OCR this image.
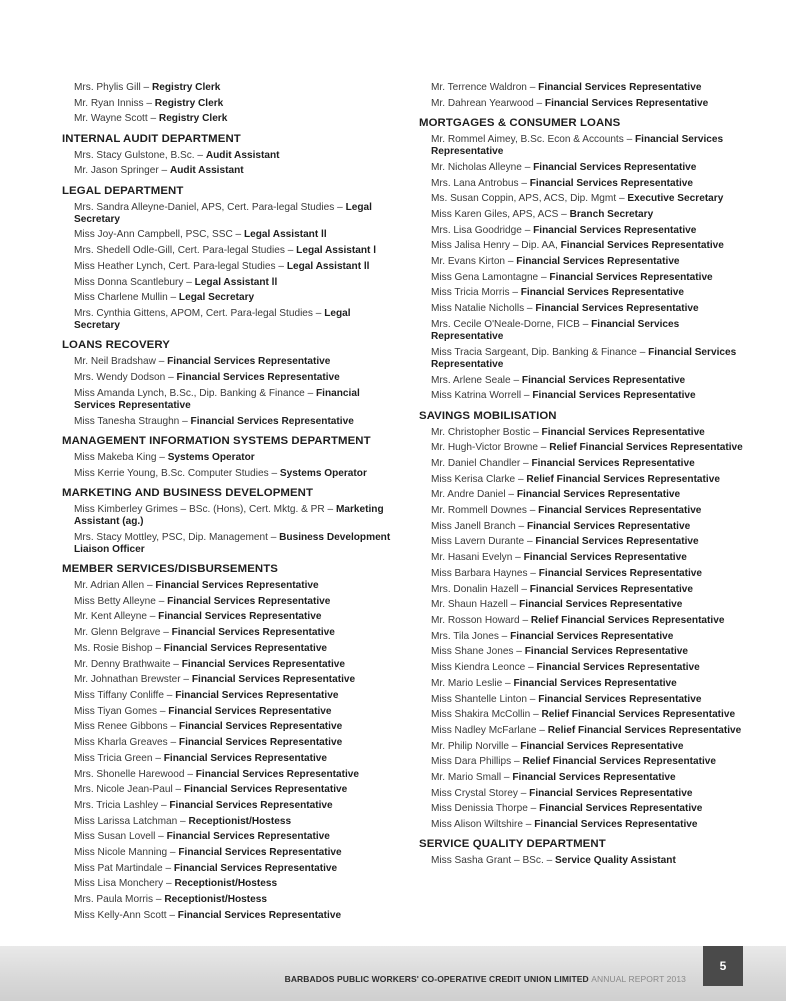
Mrs. Phylis Gill – Registry Clerk
Mr. Ryan Inniss – Registry Clerk
Mr. Wayne Scott – Registry Clerk
INTERNAL AUDIT DEPARTMENT
Mrs. Stacy Gulstone, B.Sc. – Audit Assistant
Mr. Jason Springer – Audit Assistant
LEGAL DEPARTMENT
Mrs. Sandra Alleyne-Daniel, APS, Cert. Para-legal Studies – Legal Secretary
Miss Joy-Ann Campbell, PSC, SSC – Legal Assistant ll
Mrs. Shedell Odle-Gill, Cert. Para-legal Studies – Legal Assistant l
Miss Heather Lynch, Cert. Para-legal Studies – Legal Assistant ll
Miss Donna Scantlebury – Legal Assistant ll
Miss Charlene Mullin – Legal Secretary
Mrs. Cynthia Gittens, APOM, Cert. Para-legal Studies – Legal Secretary
LOANS RECOVERY
Mr. Neil Bradshaw – Financial Services Representative
Mrs. Wendy Dodson – Financial Services Representative
Miss Amanda Lynch, B.Sc., Dip. Banking & Finance – Financial Services Representative
Miss Tanesha Straughn – Financial Services Representative
MANAGEMENT INFORMATION SYSTEMS DEPARTMENT
Miss Makeba King – Systems Operator
Miss Kerrie Young, B.Sc. Computer Studies – Systems Operator
MARKETING AND BUSINESS DEVELOPMENT
Miss Kimberley Grimes – BSc. (Hons), Cert. Mktg. & PR – Marketing Assistant (ag.)
Mrs. Stacy Mottley, PSC, Dip. Management – Business Development Liaison Officer
MEMBER SERVICES/DISBURSEMENTS
Mr. Adrian Allen – Financial Services Representative
Miss Betty Alleyne – Financial Services Representative
Mr. Kent Alleyne – Financial Services Representative
Mr. Glenn Belgrave – Financial Services Representative
Ms. Rosie Bishop – Financial Services Representative
Mr. Denny Brathwaite – Financial Services Representative
Mr. Johnathan Brewster – Financial Services Representative
Miss Tiffany Conliffe – Financial Services Representative
Miss Tiyan Gomes – Financial Services Representative
Miss Renee Gibbons – Financial Services Representative
Miss Kharla Greaves – Financial Services Representative
Miss Tricia Green – Financial Services Representative
Mrs. Shonelle Harewood – Financial Services Representative
Mrs. Nicole Jean-Paul – Financial Services Representative
Mrs. Tricia Lashley – Financial Services Representative
Miss Larissa Latchman – Receptionist/Hostess
Miss Susan Lovell – Financial Services Representative
Miss Nicole Manning – Financial Services Representative
Miss Pat Martindale – Financial Services Representative
Miss Lisa Monchery – Receptionist/Hostess
Mrs. Paula Morris – Receptionist/Hostess
Miss Kelly-Ann Scott – Financial Services Representative
Mr. Terrence Waldron – Financial Services Representative
Mr. Dahrean Yearwood – Financial Services Representative
MORTGAGES & CONSUMER LOANS
Mr. Rommel Aimey, B.Sc. Econ & Accounts – Financial Services Representative
Mr. Nicholas Alleyne – Financial Services Representative
Mrs. Lana Antrobus – Financial Services Representative
Ms. Susan Coppin, APS, ACS, Dip. Mgmt – Executive Secretary
Miss Karen Giles, APS, ACS – Branch Secretary
Mrs. Lisa Goodridge – Financial Services Representative
Miss Jalisa Henry – Dip. AA, Financial Services Representative
Mr. Evans Kirton – Financial Services Representative
Miss Gena Lamontagne – Financial Services Representative
Miss Tricia Morris – Financial Services Representative
Miss Natalie Nicholls – Financial Services Representative
Mrs. Cecile O'Neale-Dorne, FICB – Financial Services Representative
Miss Tracia Sargeant, Dip. Banking & Finance – Financial Services Representative
Mrs. Arlene Seale – Financial Services Representative
Miss Katrina Worrell – Financial Services Representative
SAVINGS MOBILISATION
Mr. Christopher Bostic – Financial Services Representative
Mr. Hugh-Victor Browne – Relief Financial Services Representative
Mr. Daniel Chandler – Financial Services Representative
Miss Kerisa Clarke – Relief Financial Services Representative
Mr. Andre Daniel – Financial Services Representative
Mr. Rommell Downes – Financial Services Representative
Miss Janell Branch – Financial Services Representative
Miss Lavern Durante – Financial Services Representative
Mr. Hasani Evelyn – Financial Services Representative
Miss Barbara Haynes – Financial Services Representative
Mrs. Donalin Hazell – Financial Services Representative
Mr. Shaun Hazell – Financial Services Representative
Mr. Rosson Howard – Relief Financial Services Representative
Mrs. Tila Jones – Financial Services Representative
Miss Shane Jones – Financial Services Representative
Miss Kiendra Leonce – Financial Services Representative
Mr. Mario Leslie – Financial Services Representative
Miss Shantelle Linton – Financial Services Representative
Miss Shakira McCollin – Relief Financial Services Representative
Miss Nadley McFarlane – Relief Financial Services Representative
Mr. Philip Norville – Financial Services Representative
Miss Dara Phillips – Relief Financial Services Representative
Mr. Mario Small – Financial Services Representative
Miss Crystal Storey – Financial Services Representative
Miss Denissia Thorpe – Financial Services Representative
Miss Alison Wiltshire – Financial Services Representative
SERVICE QUALITY DEPARTMENT
Miss Sasha Grant – BSc. – Service Quality Assistant
5
BARBADOS PUBLIC WORKERS' CO-OPERATIVE CREDIT UNION LIMITED ANNUAL REPORT 2013
